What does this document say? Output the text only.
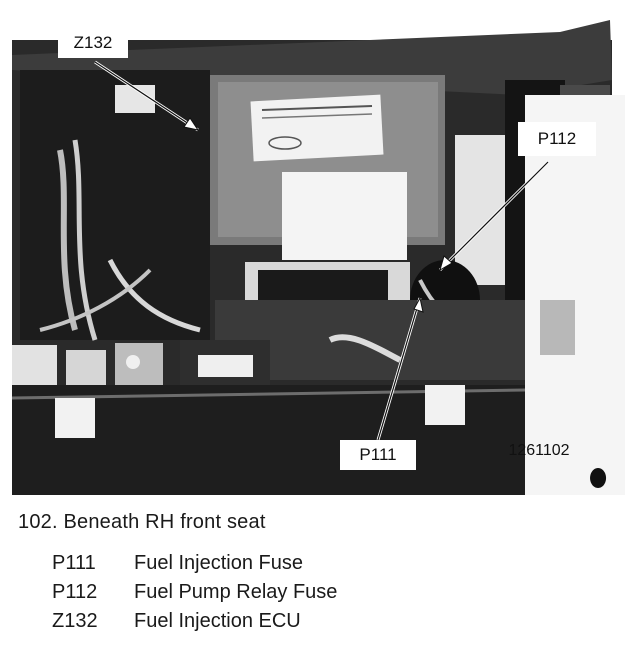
Z132
P112
P111	1261102
102. Beneath RH front seat
P111 Fuel Injection Fuse
P112 Fuel Pump Relay Fuse
Z132 Fuel Injection ECU
